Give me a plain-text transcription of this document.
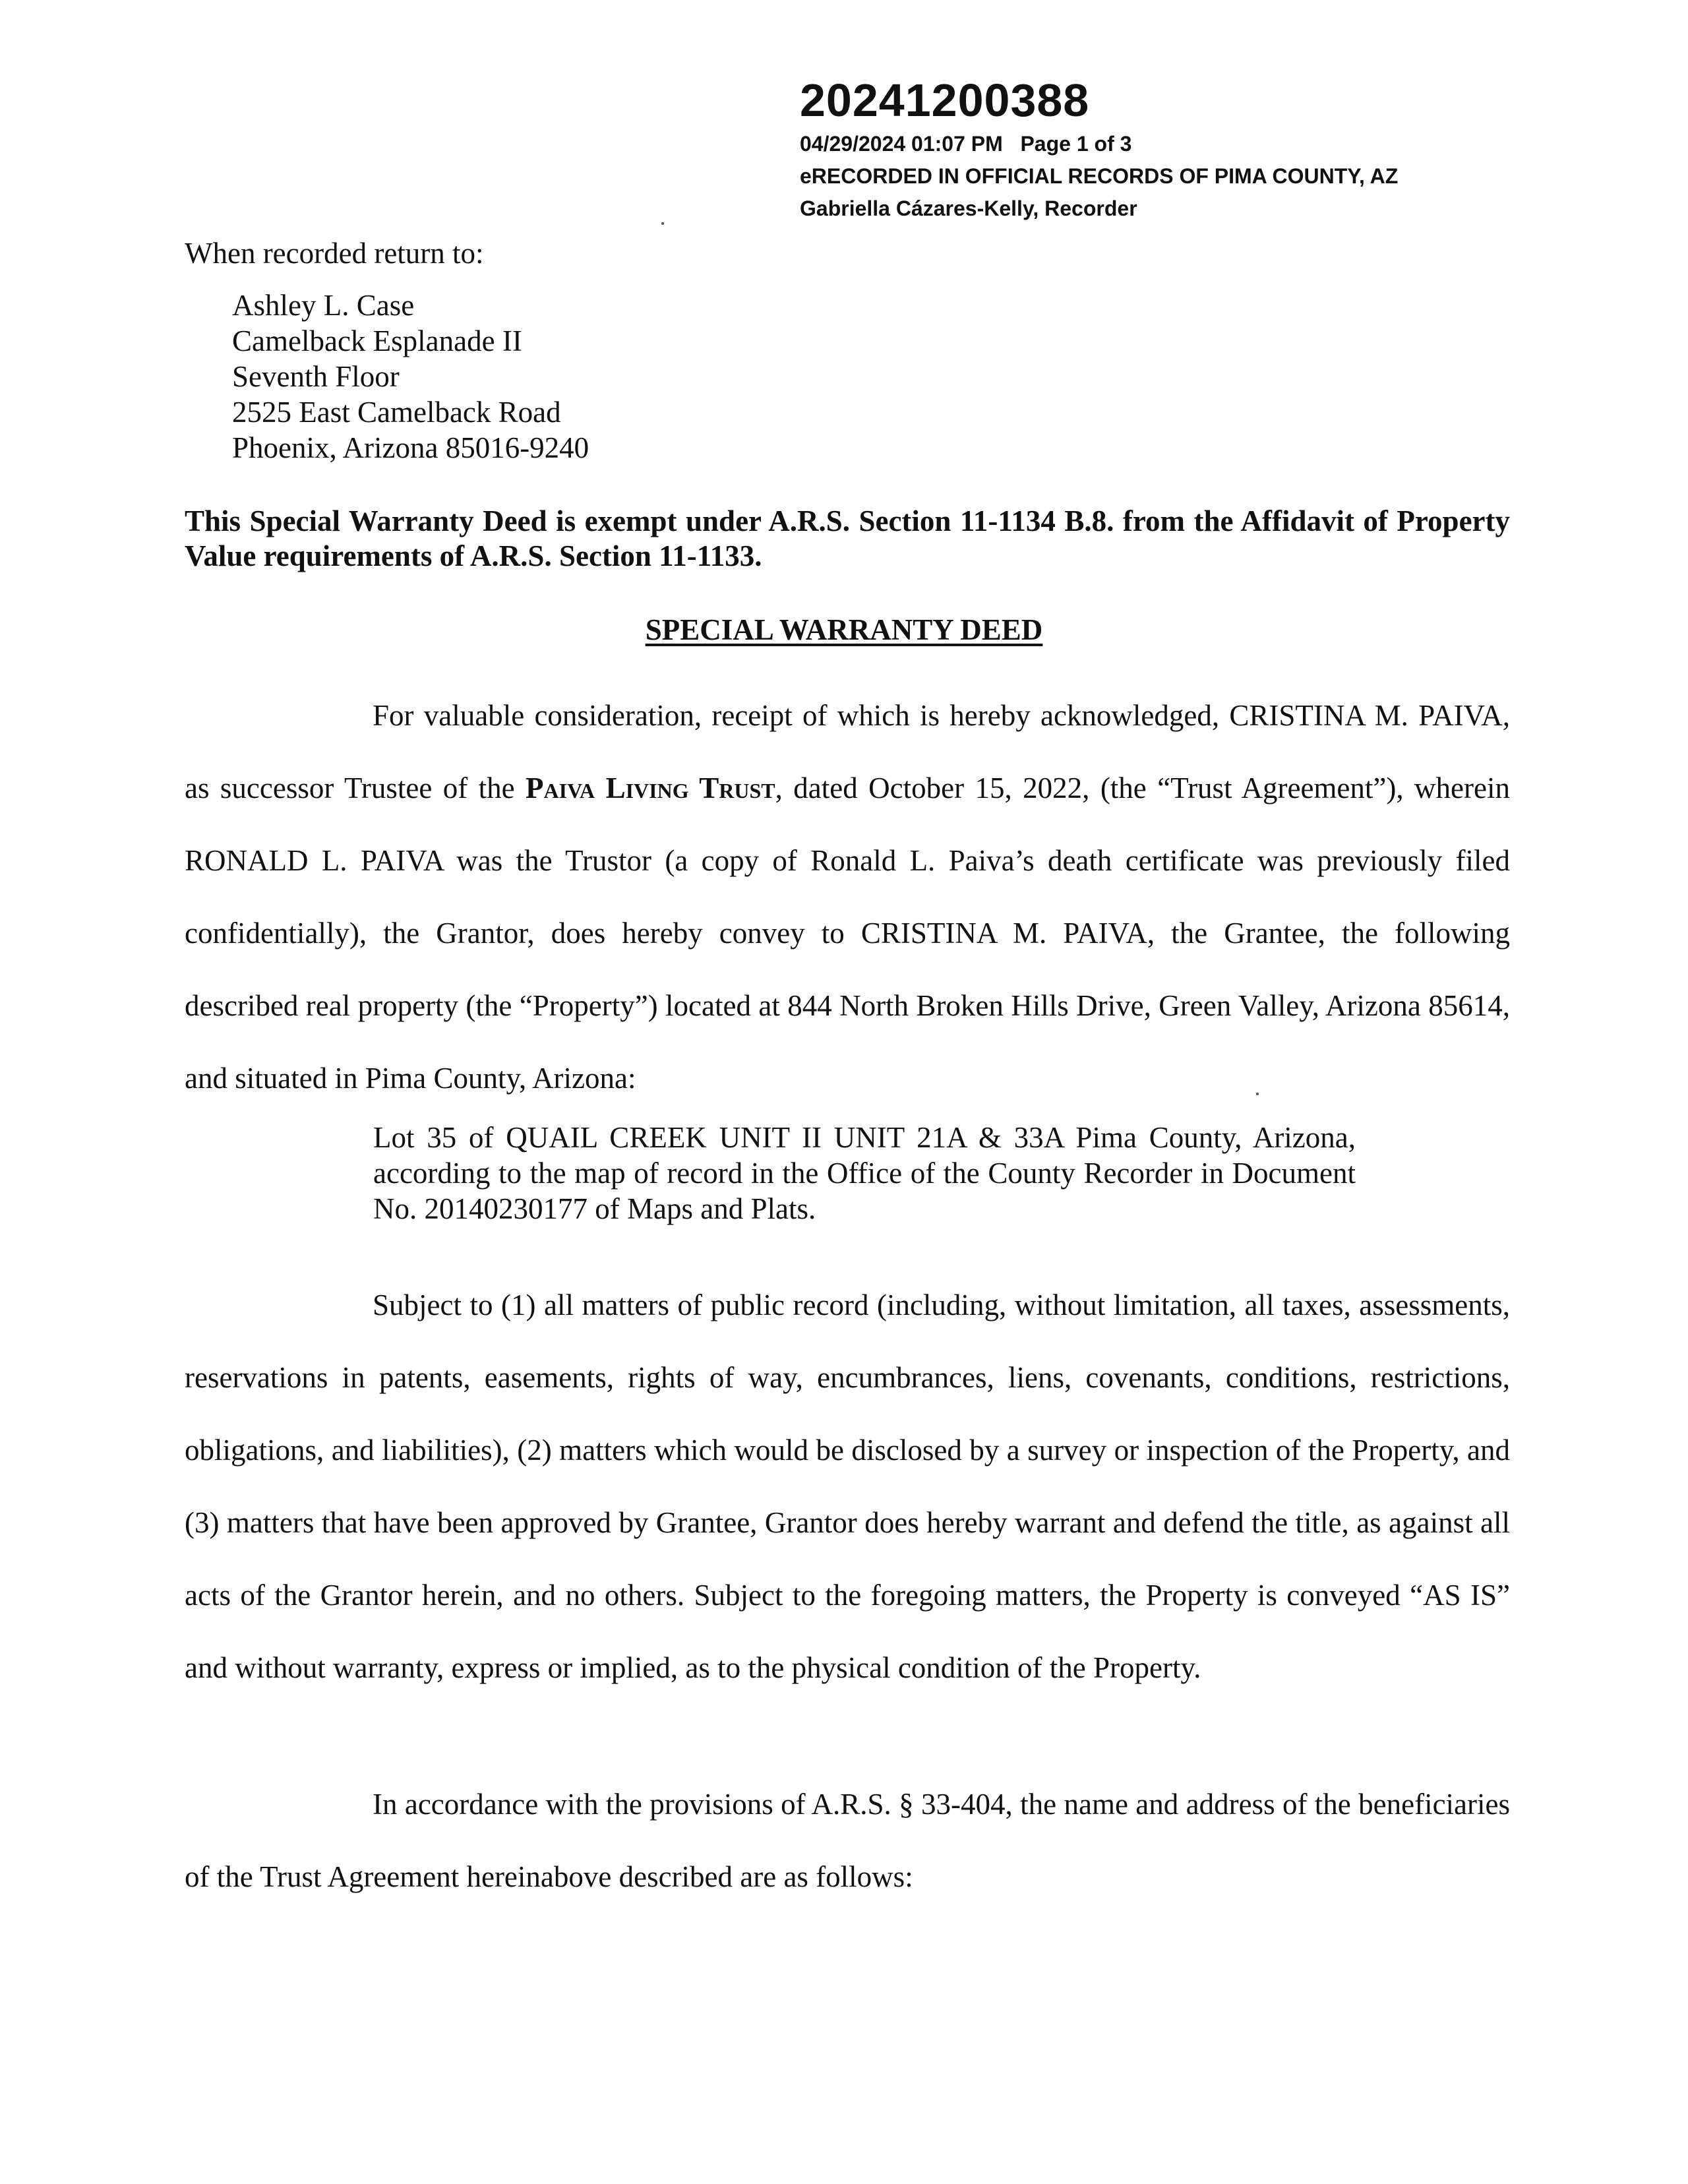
20241200388
04/29/2024 01:07 PM   Page 1 of 3
eRECORDED IN OFFICIAL RECORDS OF PIMA COUNTY, AZ
Gabriella Cázares-Kelly, Recorder
When recorded return to:
Ashley L. Case
Camelback Esplanade II
Seventh Floor
2525 East Camelback Road
Phoenix, Arizona 85016-9240
This Special Warranty Deed is exempt under A.R.S. Section 11-1134 B.8. from the Affidavit of Property Value requirements of A.R.S. Section 11-1133.
SPECIAL WARRANTY DEED
For valuable consideration, receipt of which is hereby acknowledged, CRISTINA M. PAIVA, as successor Trustee of the Paiva Living Trust, dated October 15, 2022, (the “Trust Agreement”), wherein RONALD L. PAIVA was the Trustor (a copy of Ronald L. Paiva’s death certificate was previously filed confidentially), the Grantor, does hereby convey to CRISTINA M. PAIVA, the Grantee, the following described real property (the “Property”) located at 844 North Broken Hills Drive, Green Valley, Arizona 85614, and situated in Pima County, Arizona:
Lot 35 of QUAIL CREEK UNIT II UNIT 21A & 33A Pima County, Arizona, according to the map of record in the Office of the County Recorder in Document No. 20140230177 of Maps and Plats.
Subject to (1) all matters of public record (including, without limitation, all taxes, assessments, reservations in patents, easements, rights of way, encumbrances, liens, covenants, conditions, restrictions, obligations, and liabilities), (2) matters which would be disclosed by a survey or inspection of the Property, and (3) matters that have been approved by Grantee, Grantor does hereby warrant and defend the title, as against all acts of the Grantor herein, and no others. Subject to the foregoing matters, the Property is conveyed “AS IS” and without warranty, express or implied, as to the physical condition of the Property.
In accordance with the provisions of A.R.S. § 33-404, the name and address of the beneficiaries of the Trust Agreement hereinabove described are as follows:
